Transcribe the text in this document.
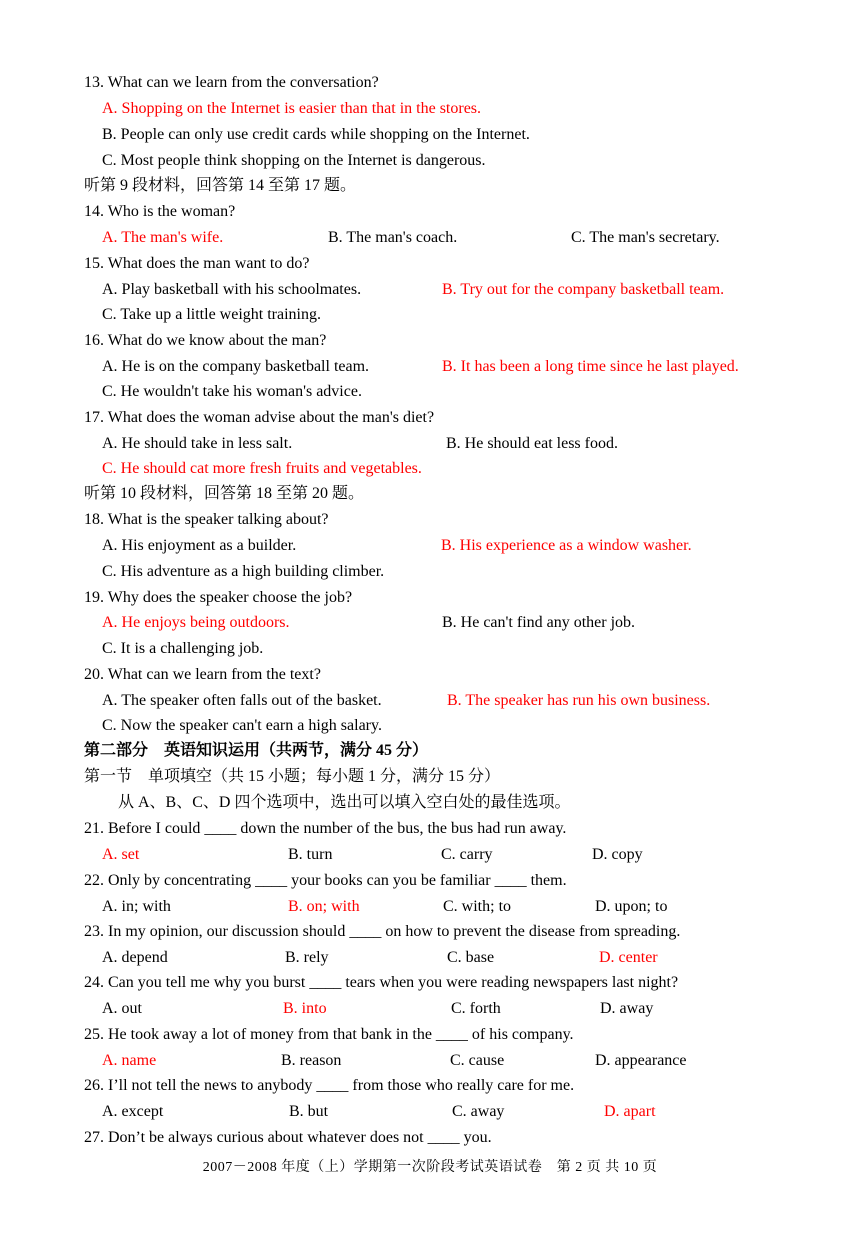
13. What can we learn from the conversation?
A. Shopping on the Internet is easier than that in the stores.
B. People can only use credit cards while shopping on the Internet.
C. Most people think shopping on the Internet is dangerous.
听第 9 段材料，回答第 14 至第 17 题。
14. Who is the woman?
A. The man's wife.	B. The man's coach.	C. The man's secretary.
15. What does the man want to do?
A. Play basketball with his schoolmates.	B. Try out for the company basketball team.
C. Take up a little weight training.
16. What do we know about the man?
A. He is on the company basketball team.	B. It has been a long time since he last played.
C. He wouldn't take his woman's advice.
17. What does the woman advise about the man's diet?
A. He should take in less salt.	B. He should eat less food.
C. He should cat more fresh fruits and vegetables.
听第 10 段材料，回答第 18 至第 20 题。
18. What is the speaker talking about?
A. His enjoyment as a builder.	B. His experience as a window washer.
C. His adventure as a high building climber.
19. Why does the speaker choose the job?
A. He enjoys being outdoors.	B. He can't find any other job.
C. It is a challenging job.
20. What can we learn from the text?
A. The speaker often falls out of the basket.	B. The speaker has run his own business.
C. Now the speaker can't earn a high salary.
第二部分　英语知识运用（共两节，满分 45 分）
第一节　单项填空（共 15 小题；每小题 1 分，满分 15 分）
从 A、B、C、D 四个选项中，选出可以填入空白处的最佳选项。
21. Before I could ____ down the number of the bus, the bus had run away.
A. set	B. turn	C. carry	D. copy
22. Only by concentrating ____ your books can you be familiar ____ them.
A. in; with	B. on; with	C. with; to	D. upon; to
23. In my opinion, our discussion should ____ on how to prevent the disease from spreading.
A. depend	B. rely	C. base	D. center
24. Can you tell me why you burst ____ tears when you were reading newspapers last night?
A. out	B. into	C. forth	D. away
25. He took away a lot of money from that bank in the ____ of his company.
A. name	B. reason	C. cause	D. appearance
26. I’ll not tell the news to anybody ____ from those who really care for me.
A. except	B. but	C. away	D. apart
27. Don’t be always curious about whatever does not ____ you.
2007－2008 年度（上）学期第一次阶段考试英语试卷　第 2 页 共 10 页
